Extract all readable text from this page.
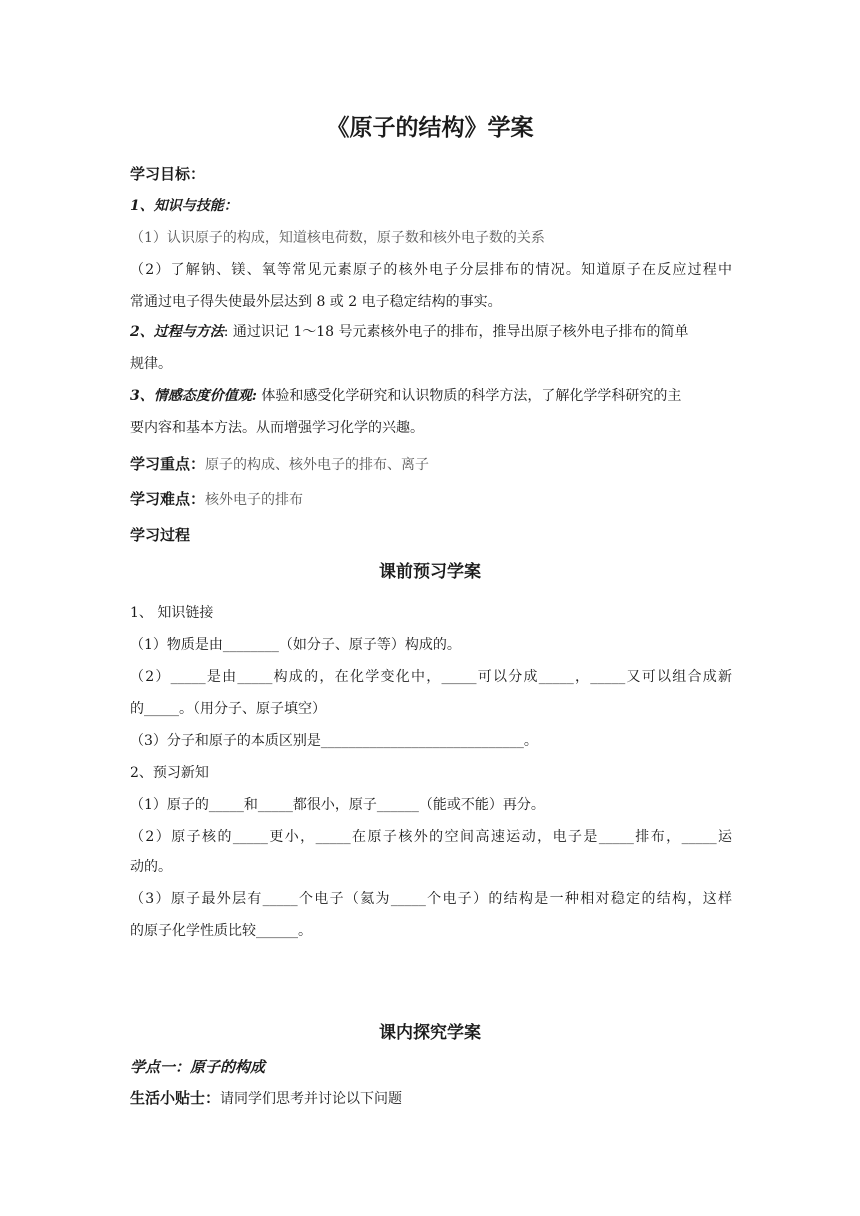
《原子的结构》学案
学习目标：
1、知识与技能：
（1）认识原子的构成，知道核电荷数，原子数和核外电子数的关系
（2）了解钠、镁、氧等常见元素原子的核外电子分层排布的情况。知道原子在反应过程中
常通过电子得失使最外层达到 8 或 2 电子稳定结构的事实。
2、过程与方法: 通过识记 1～18 号元素核外电子的排布，推导出原子核外电子排布的简单
规律。
3、情感态度价值观: 体验和感受化学研究和认识物质的科学方法，了解化学学科研究的主
要内容和基本方法。从而增强学习化学的兴趣。
学习重点：原子的构成、核外电子的排布、离子
学习难点：核外电子的排布
学习过程
课前预习学案
1、 知识链接
（1）物质是由________（如分子、原子等）构成的。
（2）_____是由_____构成的，在化学变化中，_____可以分成_____，_____又可以组合成新
的_____。（用分子、原子填空）
（3）分子和原子的本质区别是_____________________________。
2、预习新知
（1）原子的_____和_____都很小，原子______（能或不能）再分。
（2）原子核的_____更小，_____在原子核外的空间高速运动，电子是_____排布，_____运
动的。
（3）原子最外层有_____个电子（氦为_____个电子）的结构是一种相对稳定的结构，这样
的原子化学性质比较______。
课内探究学案
学点一：原子的构成
生活小贴士：请同学们思考并讨论以下问题
